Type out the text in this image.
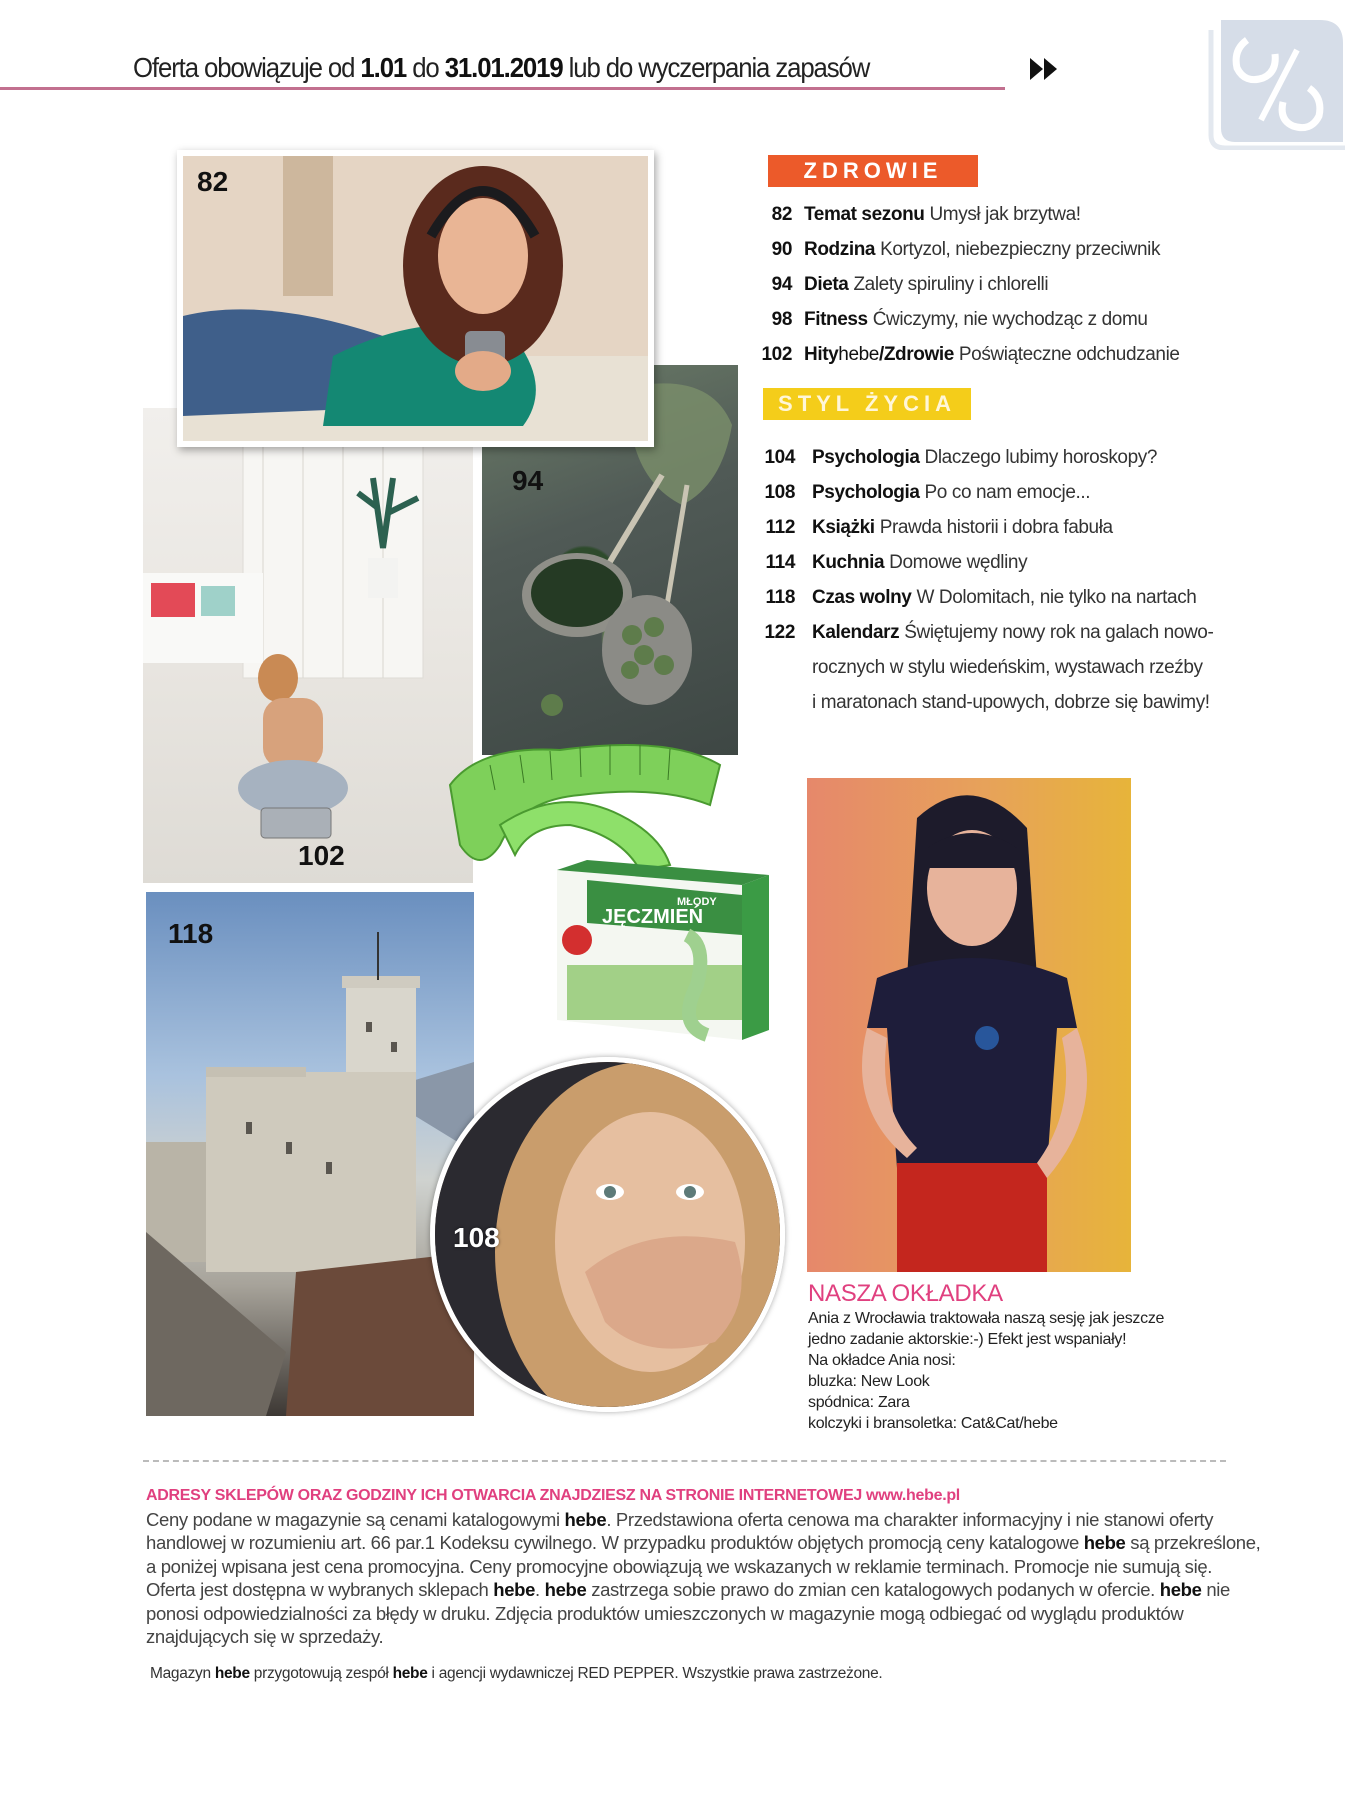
Oferta obowiązuje od 1.01 do 31.01.2019 lub do wyczerpania zapasów
ZDROWIE
82 Temat sezonu Umysł jak brzytwa!
90 Rodzina Kortyzol, niebezpieczny przeciwnik
94 Dieta Zalety spiruliny i chlorelli
98 Fitness Ćwiczymy, nie wychodząc z domu
102 Hityhebe/Zdrowie Poświąteczne odchudzanie
STYL ŻYCIA
104 Psychologia Dlaczego lubimy horoskopy?
108 Psychologia Po co nam emocje...
112 Książki Prawda historii i dobra fabuła
114 Kuchnia Domowe wędliny
118 Czas wolny W Dolomitach, nie tylko na nartach
122 Kalendarz Świętujemy nowy rok na galach nowo-
rocznych w stylu wiedeńskim, wystawach rzeźby
i maratonach stand-upowych, dobrze się bawimy!
102
94
82
MŁODY
JĘCZMIEŃ
118
108
NASZA OKŁADKA
Ania z Wrocławia traktowała naszą sesję jak jeszcze
jedno zadanie aktorskie:-) Efekt jest wspaniały!
Na okładce Ania nosi:
bluzka: New Look
spódnica: Zara
kolczyki i bransoletka: Cat&Cat/hebe
ADRESY SKLEPÓW ORAZ GODZINY ICH OTWARCIA ZNAJDZIESZ NA STRONIE INTERNETOWEJ www.hebe.pl
Ceny podane w magazynie są cenami katalogowymi hebe. Przedstawiona oferta cenowa ma charakter informacyjny i nie stanowi oferty handlowej w rozumieniu art. 66 par.1 Kodeksu cywilnego. W przypadku produktów objętych promocją ceny katalogowe hebe są przekreślone, a poniżej wpisana jest cena promocyjna. Ceny promocyjne obowiązują we wskazanych w reklamie terminach. Promocje nie sumują się. Oferta jest dostępna w wybranych sklepach hebe. hebe zastrzega sobie prawo do zmian cen katalogowych podanych w ofercie. hebe nie ponosi odpowiedzialności za błędy w druku. Zdjęcia produktów umieszczonych w magazynie mogą odbiegać od wyglądu produktów znajdujących się w sprzedaży.
Magazyn hebe przygotowują zespół hebe i agencji wydawniczej RED PEPPER. Wszystkie prawa zastrzeżone.
